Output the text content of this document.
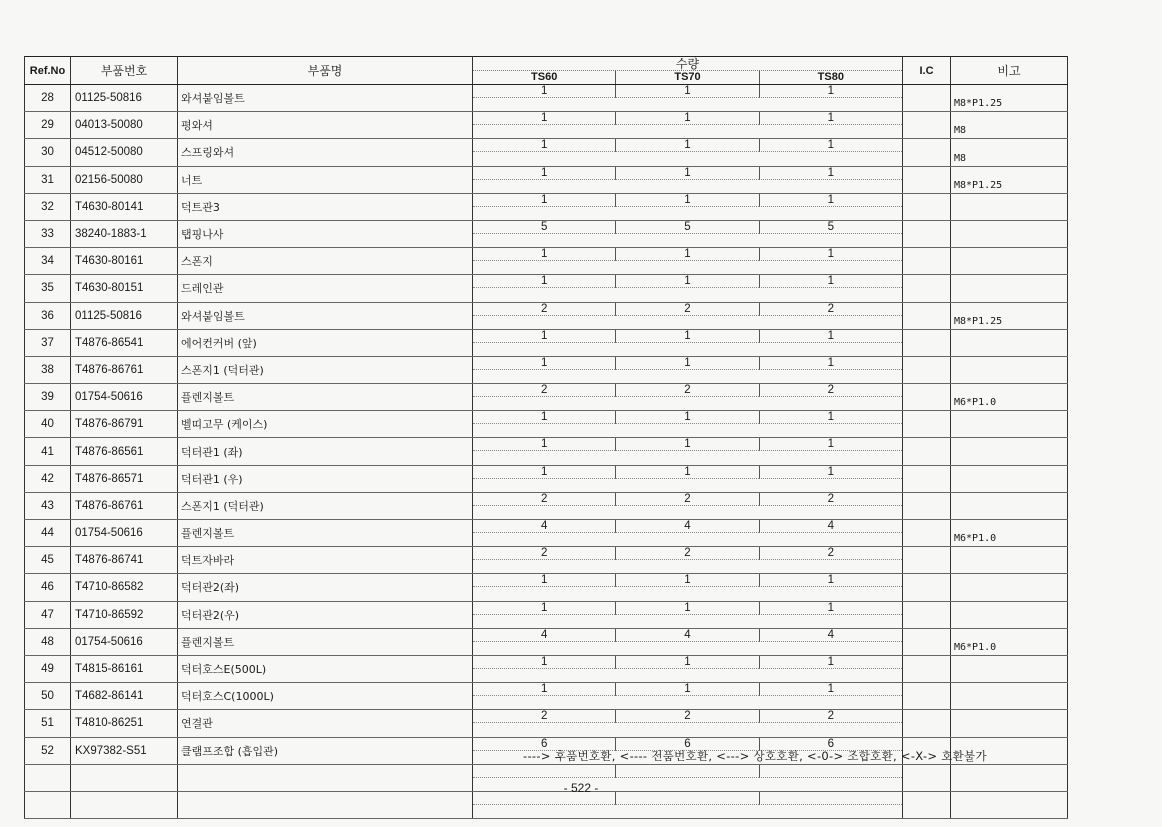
Ref.No	부품번호	부품명	수량
TS60 TS70 TS80	I.C	비고
28	01125-50816	와셔붙임볼트	1 1 1		M8*P1.25
29	04013-50080	평와셔	1 1 1		M8
30	04512-50080	스프링와셔	1 1 1		M8
31	02156-50080	너트	1 1 1		M8*P1.25
32	T4630-80141	덕트관3	1 1 1		

33	38240-1883-1	탭핑나사	5 5 5		

34	T4630-80161	스폰지	1 1 1		

35	T4630-80151	드레인관	1 1 1		

36	01125-50816	와셔붙임볼트	2 2 2		M8*P1.25
37	T4876-86541	에어컨커버 (앞)	1 1 1		

38	T4876-86761	스폰지1 (덕터관)	1 1 1		

39	01754-50616	플렌지볼트	2 2 2		M6*P1.0
40	T4876-86791	벨띠고무 (케이스)	1 1 1		

41	T4876-86561	덕터관1 (좌)	1 1 1		

42	T4876-86571	덕터관1 (우)	1 1 1		

43	T4876-86761	스폰지1 (덕터관)	2 2 2		

44	01754-50616	플렌지볼트	4 4 4		M6*P1.0
45	T4876-86741	덕트자바라	2 2 2		

46	T4710-86582	덕터관2(좌)	1 1 1		

47	T4710-86592	덕터관2(우)	1 1 1		

48	01754-50616	플렌지볼트	4 4 4		M6*P1.0
49	T4815-86161	덕터호스E(500L)	1 1 1		

50	T4682-86141	덕터호스C(1000L)	1 1 1		

51	T4810-86251	연결관	2 2 2		

52	KX97382-S51	클램프조합 (흡입관)	6 6 6		

----> 후품번호환, <---- 전품번호환, <---> 상호호환, <-0-> 조합호환, <-X-> 호환불가
- 522 -
